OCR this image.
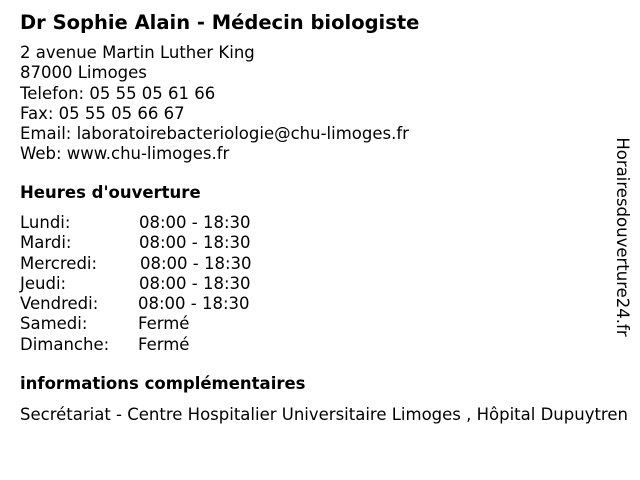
Dr Sophie Alain - Médecin biologiste
2 avenue Martin Luther King
87000 Limoges
Telefon: 05 55 05 61 66
Fax: 05 55 05 66 67
Email: laboratoirebacteriologie@chu-limoges.fr
Web: www.chu-limoges.fr
Heures d'ouverture
Lundi:	08:00 - 18:30
Mardi:	08:00 - 18:30
Mercredi:	08:00 - 18:30
Jeudi:	08:00 - 18:30
Vendredi: 08:00 - 18:30
Samedi:	Fermé
Dimanche: Fermé
informations complémentaires

Secrétariat - Centre Hospitalier Universitaire Limoges , Hôpital Dupuytren

Horairesdouverture24.fr
